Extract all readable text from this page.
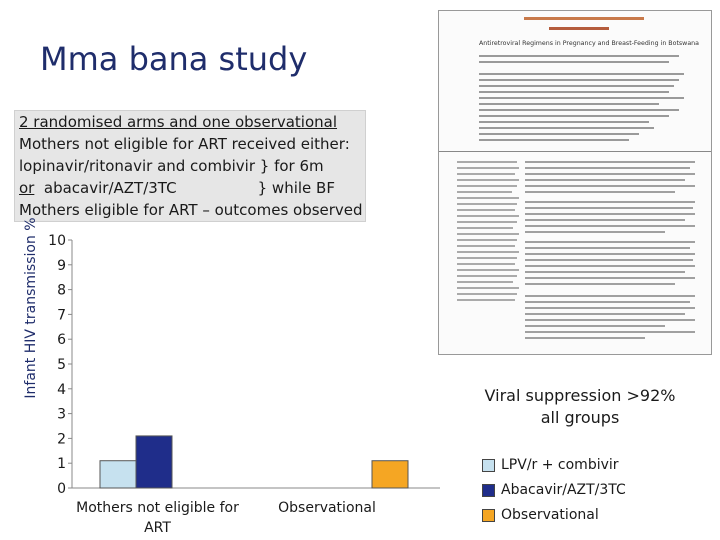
Mma bana study
2 randomised arms and one observational
Mothers not eligible for ART received either:
lopinavir/ritonavir and combivir } for 6m
or  abacavir/AZT/3TC                 } while BF
Mothers eligible for ART – outcomes observed
Antiretroviral Regimens in Pregnancy and Breast-Feeding in Botswana
Infant HIV transmission %
0
1
2
3
4
5
6
7
8
9
10
Mothers not eligible for
ART
Observational
Viral suppression >92%
all groups
LPV/r + combivir
Abacavir/AZT/3TC
Observational
